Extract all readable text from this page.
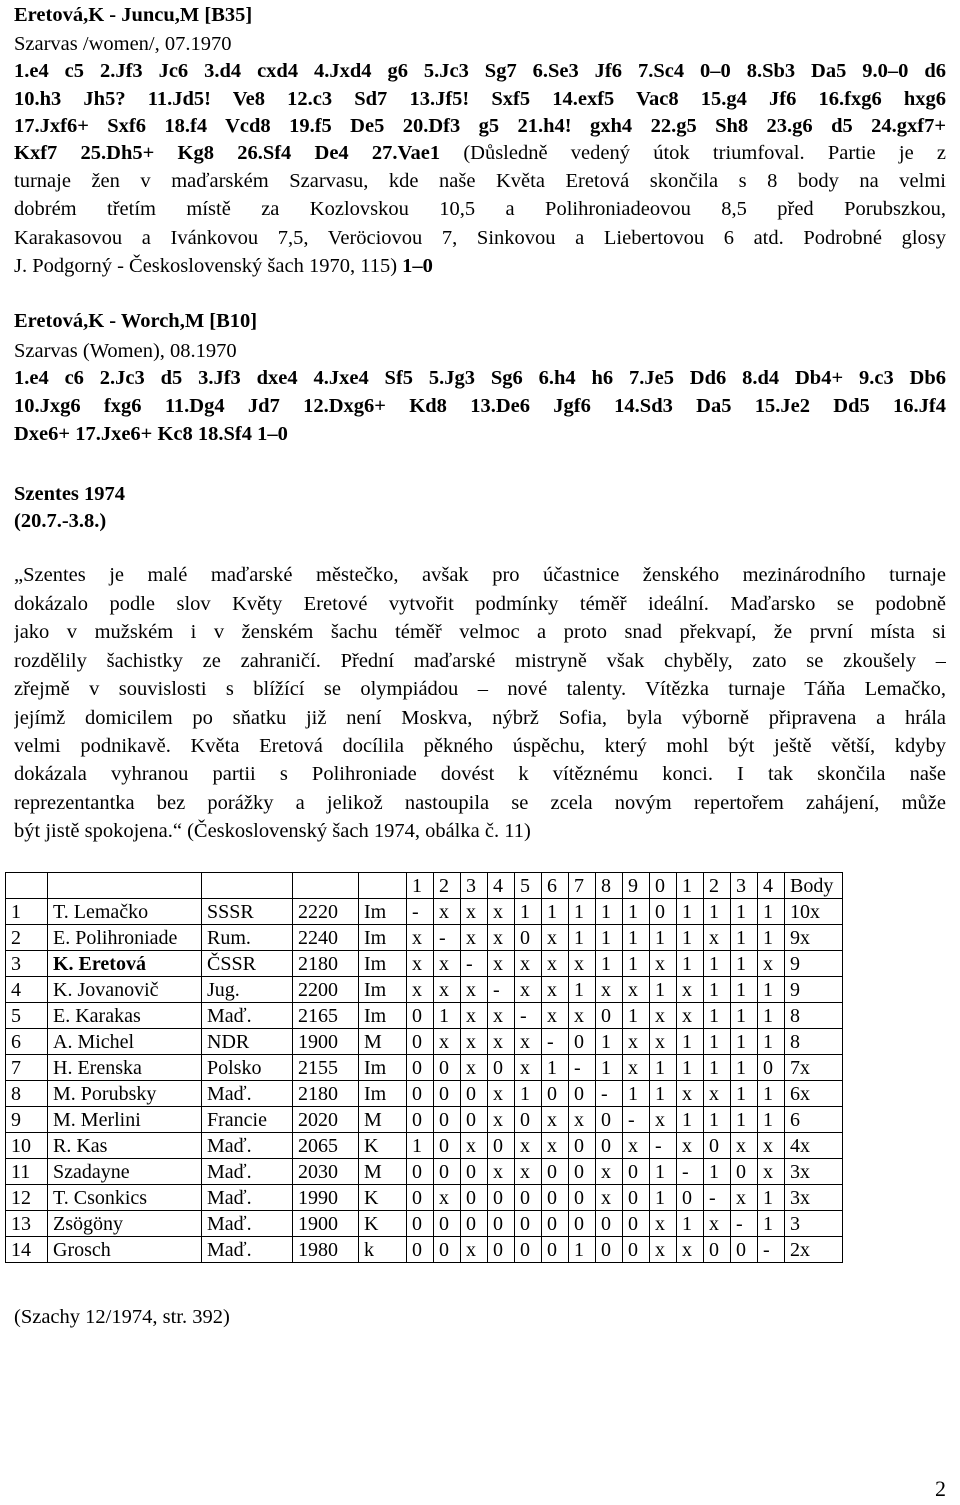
Eretová,K - Juncu,M [B35]
Szarvas /women/, 07.1970
1.e4 c5 2.Jf3 Jc6 3.d4 cxd4 4.Jxd4 g6 5.Jc3 Sg7 6.Se3 Jf6 7.Sc4 0–0 8.Sb3 Da5 9.0–0 d6
10.h3 Jh5? 11.Jd5! Ve8 12.c3 Sd7 13.Jf5! Sxf5 14.exf5 Vac8 15.g4 Jf6 16.fxg6 hxg6
17.Jxf6+ Sxf6 18.f4 Vcd8 19.f5 De5 20.Df3 g5 21.h4! gxh4 22.g5 Sh8 23.g6 d5 24.gxf7+
Kxf7 25.Dh5+ Kg8 26.Sf4 De4 27.Vae1 (Důsledně vedený útok triumfoval. Partie je z
turnaje žen v maďarském Szarvasu, kde naše Květa Eretová skončila s 8 body na velmi
dobrém třetím místě za Kozlovskou 10,5 a Polihroniadeovou 8,5 před Porubszkou,
Karakasovou a Ivánkovou 7,5, Veröciovou 7, Sinkovou a Liebertovou 6 atd. Podrobné glosy
J. Podgorný - Československý šach 1970, 115) 1–0
Eretová,K - Worch,M [B10]
Szarvas (Women), 08.1970
1.e4 c6 2.Jc3 d5 3.Jf3 dxe4 4.Jxe4 Sf5 5.Jg3 Sg6 6.h4 h6 7.Je5 Dd6 8.d4 Db4+ 9.c3 Db6
10.Jxg6 fxg6 11.Dg4 Jd7 12.Dxg6+ Kd8 13.De6 Jgf6 14.Sd3 Da5 15.Je2 Dd5 16.Jf4
Dxe6+ 17.Jxe6+ Kc8 18.Sf4 1–0
Szentes 1974
(20.7.-3.8.)
„Szentes je malé maďarské městečko, avšak pro účastnice ženského mezinárodního turnaje
dokázalo podle slov Květy Eretové vytvořit podmínky téměř ideální. Maďarsko se podobně
jako v mužském i v ženském šachu téměř velmoc a proto snad překvapí, že první místa si
rozdělily šachistky ze zahraničí. Přední maďarské mistryně však chyběly, zato se zkoušely –
zřejmě v souvislosti s blížící se olympiádou – nové talenty. Vítězka turnaje Táňa Lemačko,
jejímž domicilem po sňatku již není Moskva, nýbrž Sofia, byla výborně připravena a hrála
velmi podnikavě. Květa Eretová docílila pěkného úspěchu, který mohl být ještě větší, kdyby
dokázala vyhranou partii s Polihroniade dovést k vítěznému konci. I tak skončila naše
reprezentantka bez porážky a jelikož nastoupila se zcela novým repertořem zahájení, může
být jistě spokojena.“ (Československý šach 1974, obálka č. 11)
					1	2	3	4	5	6	7	8	9	0	1	2	3	4	Body
1	T. Lemačko	SSSR	2220	Im	-	x	x	x	1	1	1	1	1	0	1	1	1	1	10x
2	E. Polihroniade	Rum.	2240	Im	x	-	x	x	0	x	1	1	1	1	1	x	1	1	9x
3	K. Eretová	ČSSR	2180	Im	x	x	-	x	x	x	x	1	1	x	1	1	1	x	9
4	K. Jovanovič	Jug.	2200	Im	x	x	x	-	x	x	1	x	x	1	x	1	1	1	9
5	E. Karakas	Maď.	2165	Im	0	1	x	x	-	x	x	0	1	x	x	1	1	1	8
6	A. Michel	NDR	1900	M	0	x	x	x	x	-	0	1	x	x	1	1	1	1	8
7	H. Erenska	Polsko	2155	Im	0	0	x	0	x	1	-	1	x	1	1	1	1	0	7x
8	M. Porubsky	Maď.	2180	Im	0	0	0	x	1	0	0	-	1	1	x	x	1	1	6x
9	M. Merlini	Francie	2020	M	0	0	0	x	0	x	x	0	-	x	1	1	1	1	6
10	R. Kas	Maď.	2065	K	1	0	x	0	x	x	0	0	x	-	x	0	x	x	4x
11	Szadayne	Maď.	2030	M	0	0	0	x	x	0	0	x	0	1	-	1	0	x	3x
12	T. Csonkics	Maď.	1990	K	0	x	0	0	0	0	0	x	0	1	0	-	x	1	3x
13	Zsögöny	Maď.	1900	K	0	0	0	0	0	0	0	0	0	x	1	x	-	1	3
14	Grosch	Maď.	1980	k	0	0	x	0	0	0	1	0	0	x	x	0	0	-	2x
(Szachy 12/1974, str. 392)
2
